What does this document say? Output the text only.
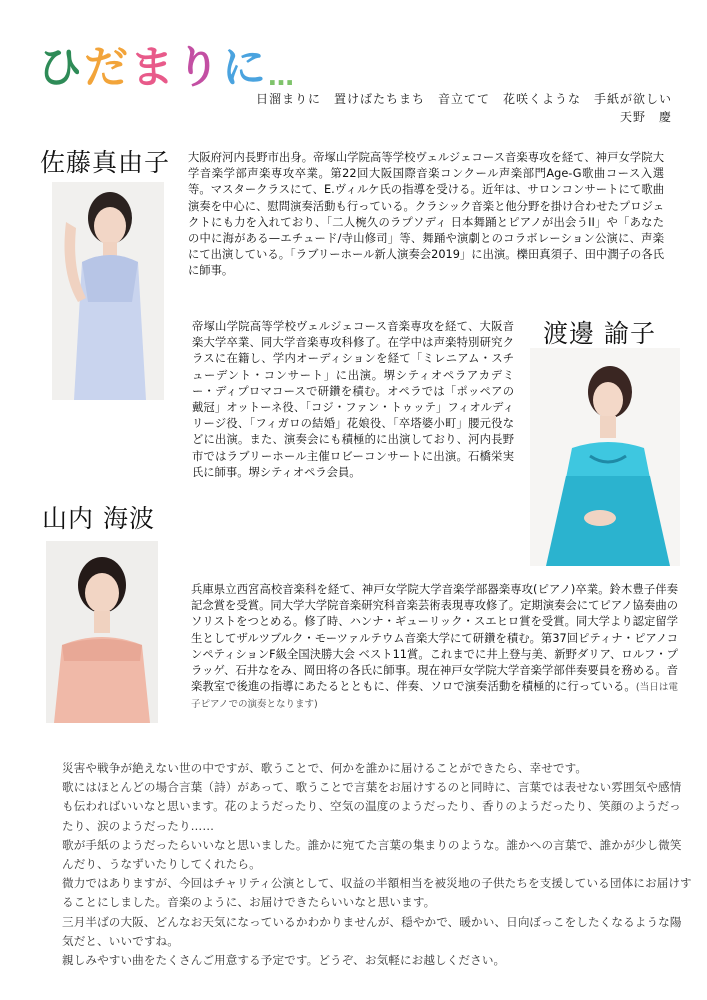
ひ だ ま り に …
日溜まりに　置けばたちまち　音立てて　花咲くような　手紙が欲しい
天野　慶
佐藤真由子 大阪府河内長野市出身。帝塚山学院高等学校ヴェルジェコース音楽専攻を経て、神戸女学院大学音楽学部声楽専攻卒業。第22回大阪国際音楽コンクール声楽部門Age-G歌曲コース入選等。マスタークラスにて、E.ヴィルケ氏の指導を受ける。近年は、サロンコンサートにて歌曲演奏を中心に、慰問演奏活動も行っている。クラシック音楽と他分野を掛け合わせたプロジェクトにも力を入れており、「二人椀久のラプソディ 日本舞踊とピアノが出会うII」や「あなたの中に海がある—エチュード/寺山修司」等、舞踊や演劇とのコラボレーション公演に、声楽にて出演している。「ラブリーホール新人演奏会2019」に出演。櫟田真須子、田中潤子の各氏に師事。
渡邊 諭子
帝塚山学院高等学校ヴェルジェコース音楽専攻を経て、大阪音楽大学卒業、同大学音楽専攻科修了。在学中は声楽特別研究クラスに在籍し、学内オーディションを経て「ミレニアム・スチューデント・コンサート」に出演。堺シティオペラアカデミー・ディプロマコースで研鑽を積む。オペラでは「ポッペアの戴冠」オットーネ役、「コジ・ファン・トゥッテ」フィオルディリージ役、「フィガロの結婚」花娘役、「卒塔婆小町」腰元役などに出演。また、演奏会にも積極的に出演しており、河内長野市ではラブリーホール主催ロビーコンサートに出演。石橋栄実氏に師事。堺シティオペラ会員。
山内 海波
兵庫県立西宮高校音楽科を経て、神戸女学院大学音楽学部器楽専攻(ピアノ)卒業。鈴木豊子伴奏記念賞を受賞。同大学大学院音楽研究科音楽芸術表現専攻修了。定期演奏会にてピアノ協奏曲のソリストをつとめる。修了時、ハンナ・ギューリック・スエヒロ賞を受賞。同大学より認定留学生としてザルツブルク・モーツァルテウム音楽大学にて研鑽を積む。第37回ピティナ・ピアノコンペティションF級全国決勝大会 ベスト11賞。これまでに井上登与美、新野ダリア、ロルフ・プラッゲ、石井なをみ、岡田将の各氏に師事。現在神戸女学院大学音楽学部伴奏要員を務める。音楽教室で後進の指導にあたるとともに、伴奏、ソロで演奏活動を積極的に行っている。(当日は電子ピアノでの演奏となります)

災害や戦争が絶えない世の中ですが、歌うことで、何かを誰かに届けることができたら、幸せです。

歌にはほとんどの場合言葉（詩）があって、歌うことで言葉をお届けするのと同時に、言葉では表せない雰囲気や感情も伝わればいいなと思います。花のようだったり、空気の温度のようだったり、香りのようだったり、笑顔のようだったり、涙のようだったり……

歌が手紙のようだったらいいなと思いました。誰かに宛てた言葉の集まりのような。誰かへの言葉で、誰かが少し微笑んだり、うなずいたりしてくれたら。

微力ではありますが、今回はチャリティ公演として、収益の半額相当を被災地の子供たちを支援している団体にお届けすることにしました。音楽のように、お届けできたらいいなと思います。

三月半ばの大阪、どんなお天気になっているかわかりませんが、穏やかで、暖かい、日向ぼっこをしたくなるような陽気だと、いいですね。

親しみやすい曲をたくさんご用意する予定です。どうぞ、お気軽にお越しください。
